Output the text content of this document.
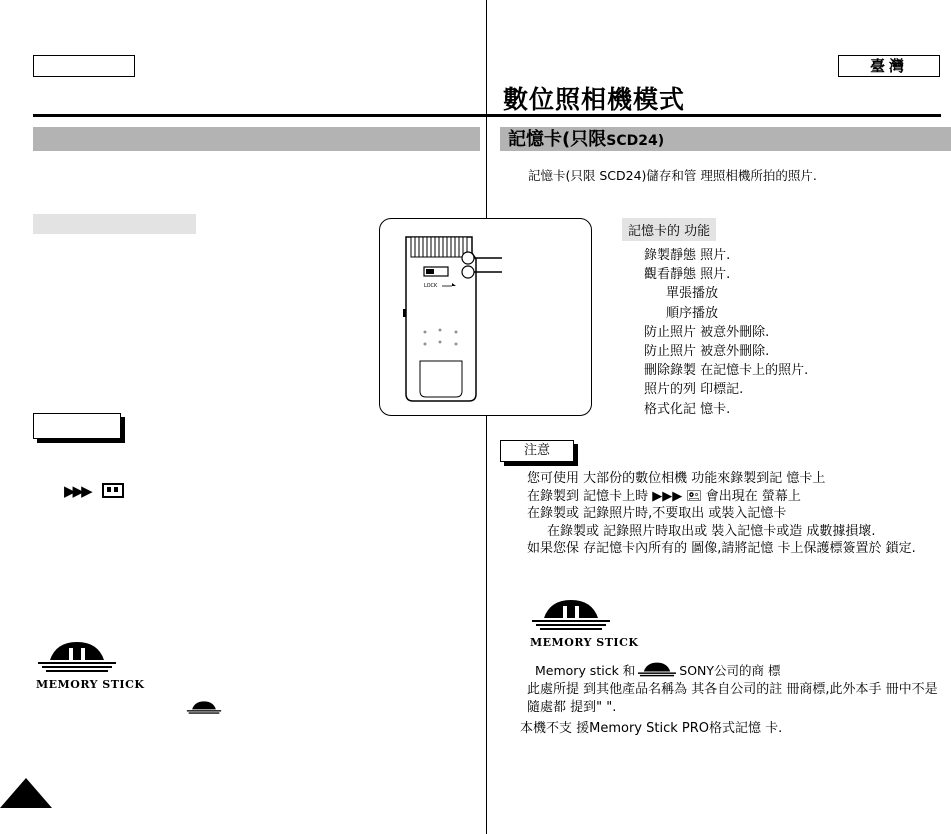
臺灣
數位照相機模式
記憶卡(只限SCD24)
記憶卡(只限 SCD24)儲存和管 理照相機所拍的照片.
LOCK
記憶卡的 功能
錄製靜態 照片.
觀看靜態 照片.
單張播放
順序播放
防止照片 被意外刪除.
防止照片 被意外刪除.
刪除錄製 在記憶卡上的照片.
照片的列 印標記.
格式化記 憶卡.
▶▶▶
MEMORY STICK
注意
您可使用 大部份的數位相機 功能來錄製到記 憶卡上
在錄製到 記憶卡上時 ▶▶▶ 🖭 會出現在 螢幕上
在錄製或 記錄照片時,不要取出 或裝入記憶卡
在錄製或 記錄照片時取出或 裝入記憶卡或造 成數據損壞.
如果您保 存記憶卡內所有的 圖像,請將記憶 卡上保護標簽置於 鎖定.
MEMORY STICK
Memory stick 和	SONY公司的商 標
此處所提 到其他產品名稱為 其各自公司的註 冊商標,此外本手 冊中不是隨處都 提到" ".
本機不支 援Memory Stick PRO格式記憶 卡.
